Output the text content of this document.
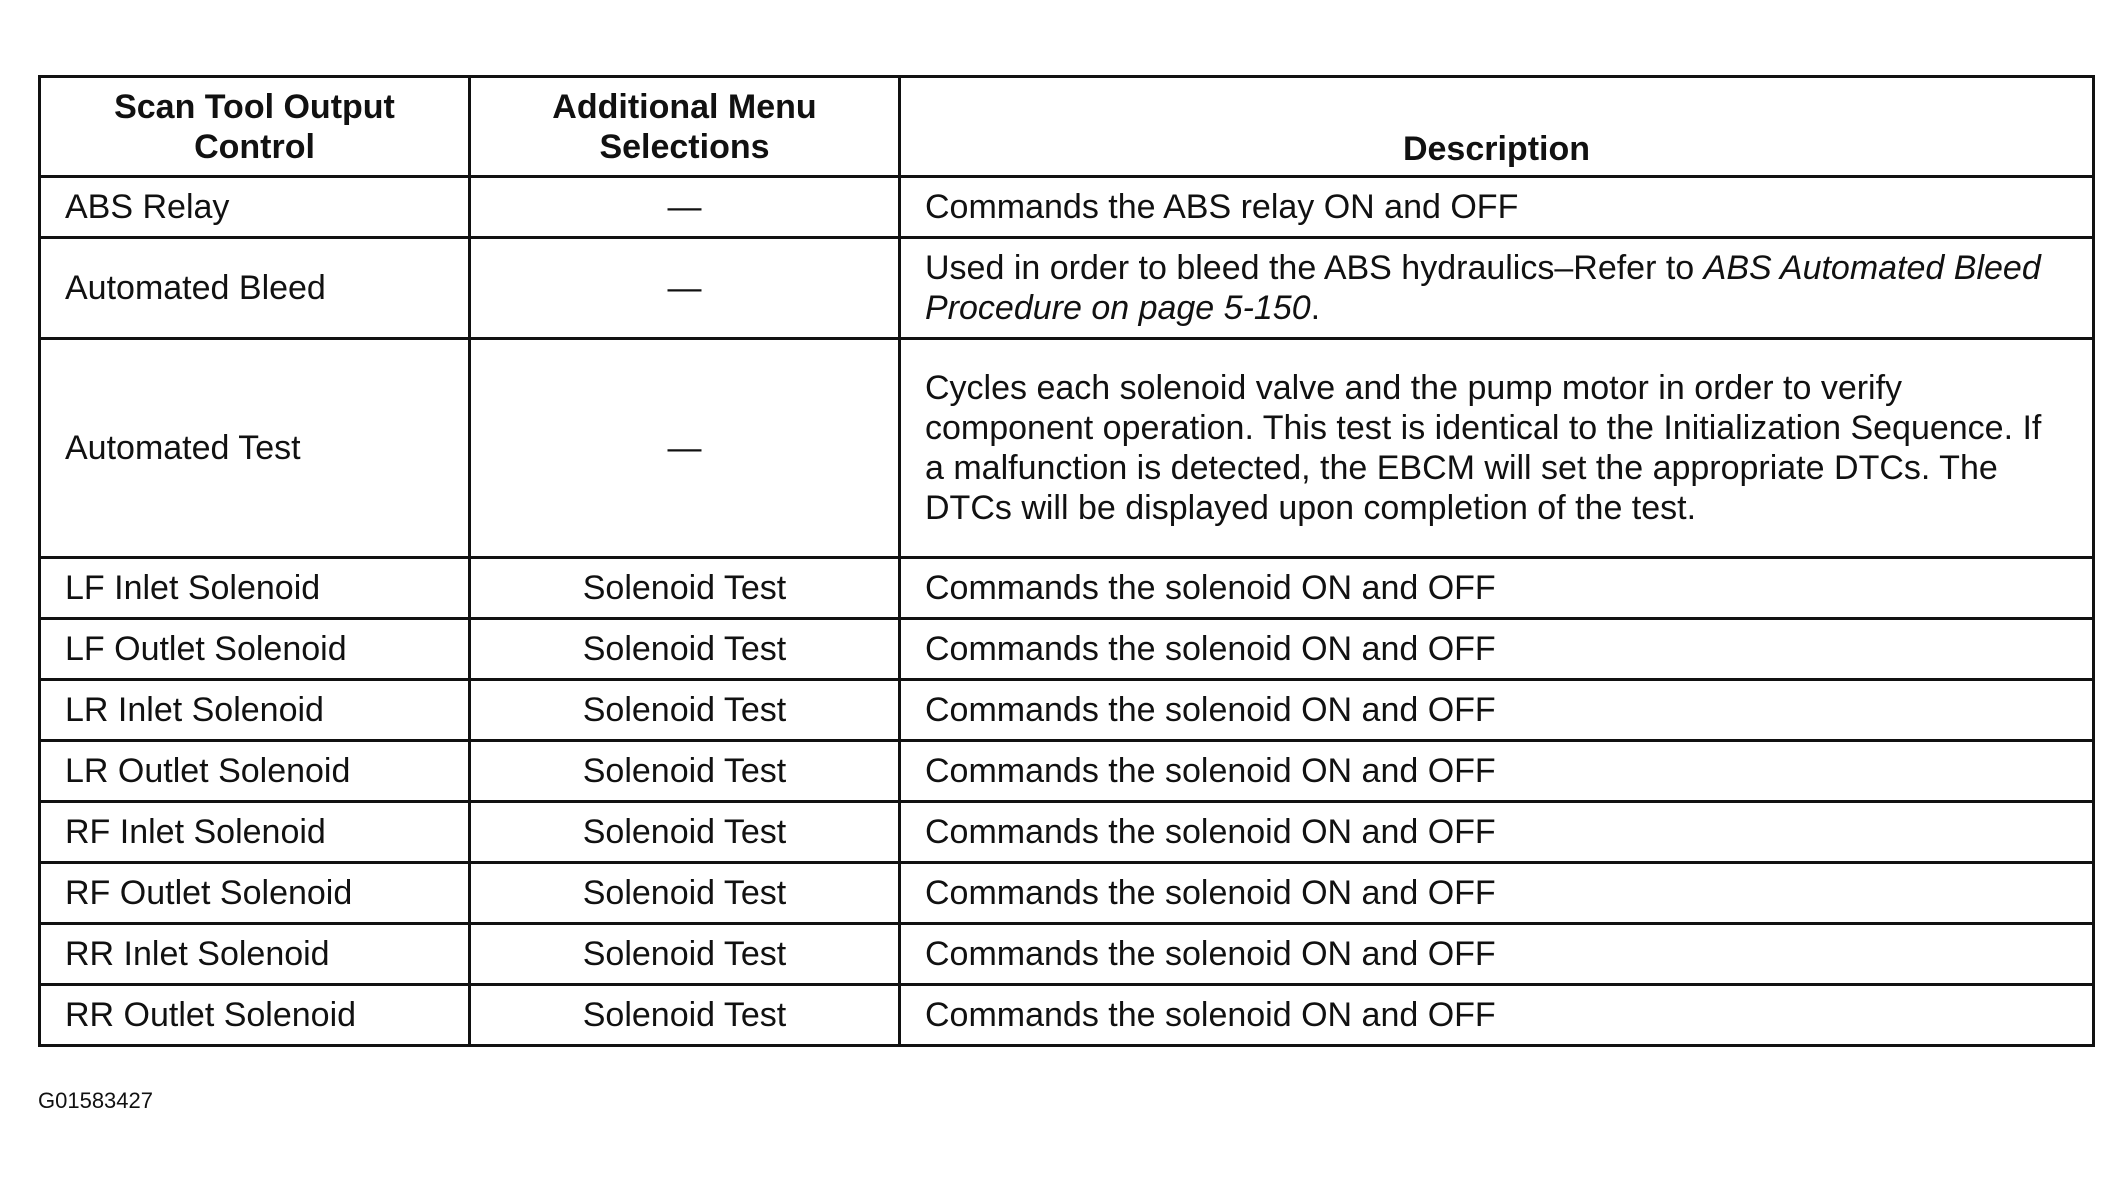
Scan Tool Output Control	Additional Menu Selections	Description
ABS Relay	—	Commands the ABS relay ON and OFF
Automated Bleed	—	Used in order to bleed the ABS hydraulics–Refer to ABS Automated Bleed Procedure on page 5-150.
Automated Test	—	Cycles each solenoid valve and the pump motor in order to verify component operation. This test is identical to the Initialization Sequence. If a malfunction is detected, the EBCM will set the appropriate DTCs. The DTCs will be displayed upon completion of the test.
LF Inlet Solenoid	Solenoid Test	Commands the solenoid ON and OFF
LF Outlet Solenoid	Solenoid Test	Commands the solenoid ON and OFF
LR Inlet Solenoid	Solenoid Test	Commands the solenoid ON and OFF
LR Outlet Solenoid	Solenoid Test	Commands the solenoid ON and OFF
RF Inlet Solenoid	Solenoid Test	Commands the solenoid ON and OFF
RF Outlet Solenoid	Solenoid Test	Commands the solenoid ON and OFF
RR Inlet Solenoid	Solenoid Test	Commands the solenoid ON and OFF
RR Outlet Solenoid	Solenoid Test	Commands the solenoid ON and OFF
G01583427
